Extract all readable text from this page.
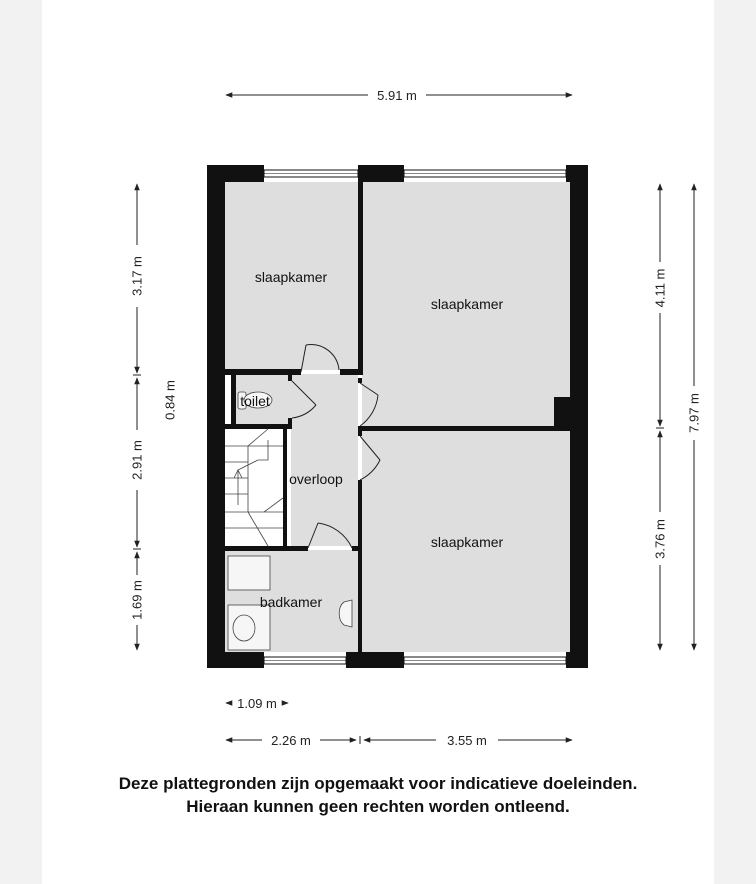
5.91 m
3.17 m
2.91 m
1.69 m
0.84 m
4.11 m
3.76 m
7.97 m
1.09 m
2.26 m	3.55 m
slaapkamer
slaapkamer
toilet
overloop
slaapkamer
badkamer
Deze plattegronden zijn opgemaakt voor indicatieve doeleinden.
Hieraan kunnen geen rechten worden ontleend.
